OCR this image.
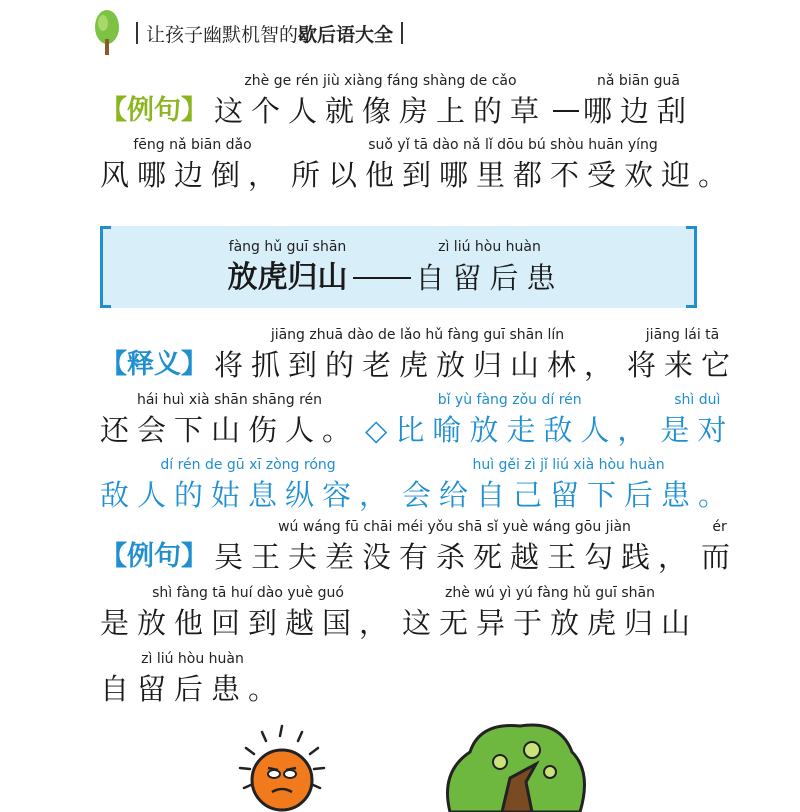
让孩子幽默机智的 歇后语大全
【例句】
zhè ge rén jiù xiàng fáng shàng de cǎo
这个人就像房上的草
nǎ biān guā
哪边刮
fēng nǎ biān dǎo
风哪边倒，
suǒ yǐ tā dào nǎ lǐ dōu bú shòu huān yíng
所以他到哪里都不受欢迎。
fàng hǔ guī shān
放虎归山
zì liú hòu huàn
自留后患
【释义】
jiāng zhuā dào de lǎo hǔ fàng guī shān lín
将抓到的老虎放归山林，
jiāng lái tā
将来它
hái huì xià shān shāng rén
还会下山伤人。
bǐ yù fàng zǒu dí rén
◇比喻放走敌人，
shì duì
是对
dí rén de gū xī zòng róng
敌人的姑息纵容，
huì gěi zì jǐ liú xià hòu huàn
会给自己留下后患。
【例句】
wú wáng fū chāi méi yǒu shā sǐ yuè wáng gōu jiàn
吴王夫差没有杀死越王勾践，
ér
而
shì fàng tā huí dào yuè guó
是放他回到越国，
zhè wú yì yú fàng hǔ guī shān
这无异于放虎归山
zì liú hòu huàn
自留后患。
